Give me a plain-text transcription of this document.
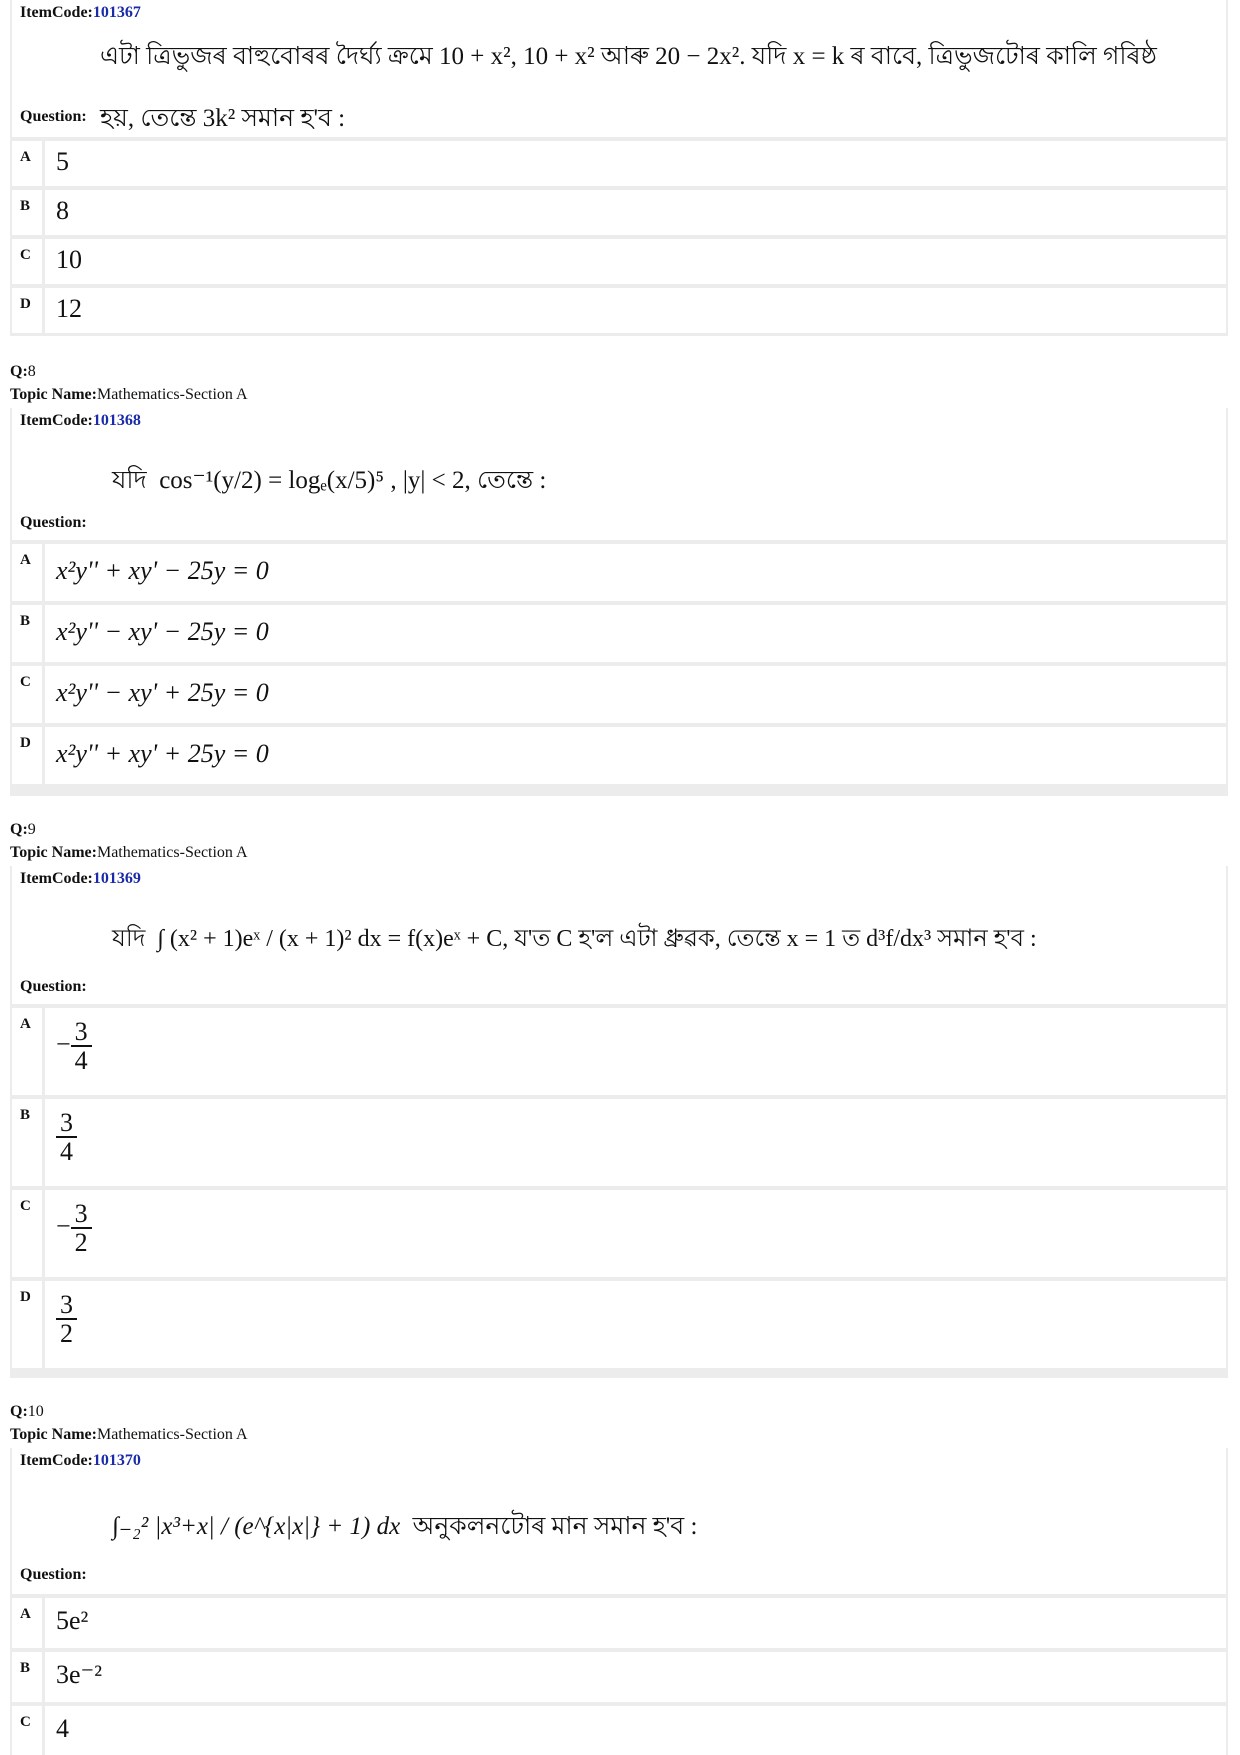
ItemCode:101367
এটা ত্ৰিভুজৰ বাহুবোৰৰ দৈৰ্ঘ্য ক্ৰমে 10 + x², 10 + x² আৰু 20 − 2x². যদি x = k ৰ বাবে, ত্ৰিভুজটোৰ কালি গৰিষ্ঠ
Question: হয়, তেন্তে 3k² সমান হ'ব :
A 5
B 8
C 10
D 12
Q:8
Topic Name:Mathematics-Section A
ItemCode:101368
যদি cos⁻¹(y/2) = logₑ(x/5)⁵ , |y| < 2, তেন্তে :
Question:
A x²y'' + xy' − 25y = 0
B x²y'' − xy' − 25y = 0
C x²y'' − xy' + 25y = 0
D x²y'' + xy' + 25y = 0
Q:9
Topic Name:Mathematics-Section A
ItemCode:101369
যদি ∫ (x² + 1)eˣ / (x + 1)² dx = f(x)eˣ + C, য'ত C হ'ল এটা ধ্ৰুৱক, তেন্তে x = 1 ত d³f/dx³ সমান হ'ব :
Question:
A
− $\frac{3}{4}$
B $\frac{3}{4}$
C
− $\frac{3}{2}$
D $\frac{3}{2}$
Q:10
Topic Name:Mathematics-Section A
ItemCode:101370
∫₋₂² |x³+x| / (e^{x|x|} + 1) dx অনুকলনটোৰ মান সমান হ'ব :
Question:
A 5e²
B 3e⁻²
C 4
